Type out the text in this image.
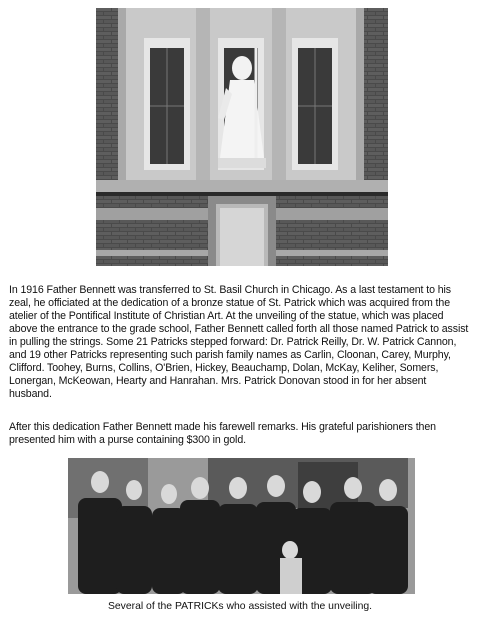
In 1916 Father Bennett was transferred to St. Basil Church in Chicago. As a last testament to his zeal, he officiated at the dedication of a bronze statue of St. Patrick which was acquired from the atelier of the Pontifical Institute of Christian Art. At the unveiling of the statue, which was placed above the entrance to the grade school, Father Bennett called forth all those named Patrick to assist in pulling the strings. Some 21 Patricks stepped forward: Dr. Patrick Reilly, Dr. W. Patrick Cannon, and 19 other Patricks representing such parish family names as Carlin, Cloonan, Carey, Murphy, Clifford. Toohey, Burns, Collins, O'Brien, Hickey, Beauchamp, Dolan, McKay, Keliher, Somers, Lonergan, McKeowan, Hearty and Hanrahan. Mrs. Patrick Donovan stood in for her absent husband.

After this dedication Father Bennett made his farewell remarks. His grateful parishioners then presented him with a purse containing $300 in gold.

Several of the PATRICKs who assisted with the unveiling.
